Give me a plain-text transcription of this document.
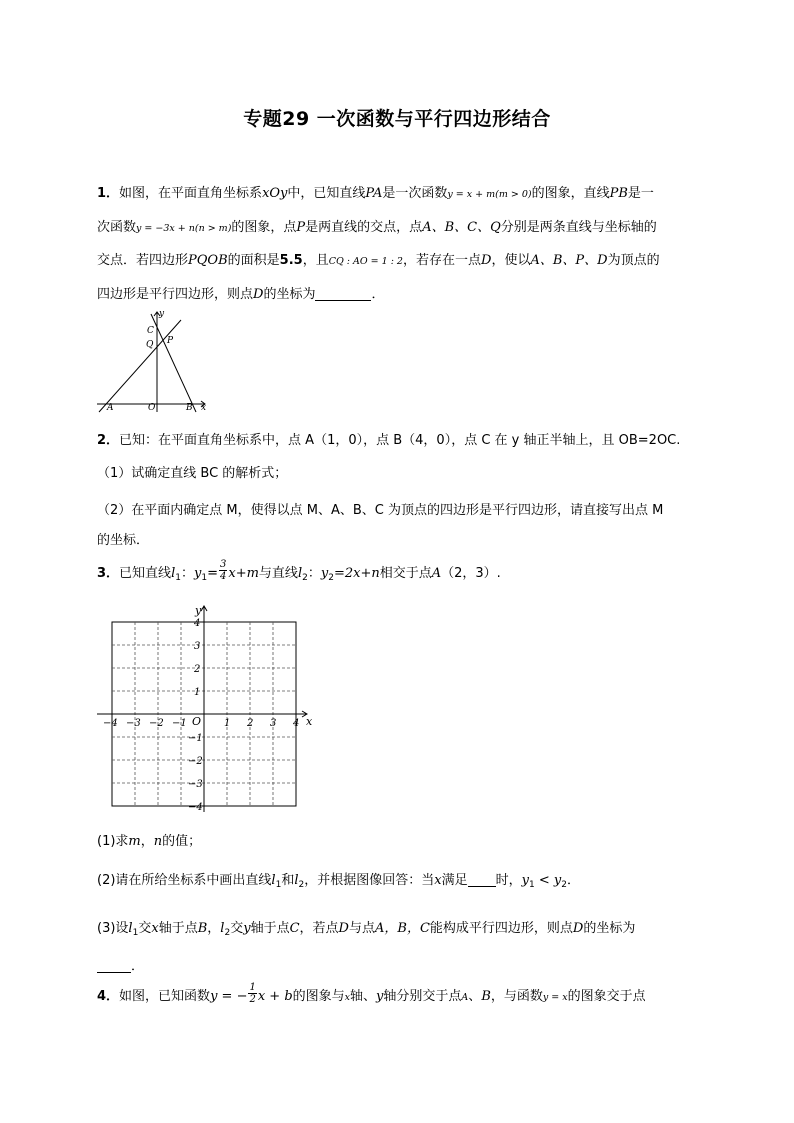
专题29 一次函数与平行四边形结合
1．如图，在平面直角坐标系xOy中，已知直线PA是一次函数y = x + m(m > 0)的图象，直线PB是一
次函数y = −3x + n(n > m)的图象，点P是两直线的交点，点A、B、C、Q分别是两条直线与坐标轴的
交点．若四边形PQOB的面积是5.5，且CQ : AO = 1 : 2，若存在一点D，使以A、B、P、D为顶点的
四边形是平行四边形，则点D的坐标为	．
y
x
C
Q P
A	O	B
2．已知：在平面直角坐标系中，点 A（1，0），点 B（4，0），点 C 在 y 轴正半轴上，且 OB=2OC.
（1）试确定直线 BC 的解析式；
（2）在平面内确定点 M，使得以点 M、A、B、C 为顶点的四边形是平行四边形，请直接写出点 M
的坐标．
3．已知直线$l_1$：$y_1= \frac{3}{4} x+m$与直线$l_2$：$y_2=2x+n$相交于点A（2，3）.
x
y
O
−4 −3 −2 −1	1 2 3 4
4
3
2
1
−1
−2
−3
−4
(1)求m，n的值；
(2)请在所给坐标系中画出直线$l_1$和$l_2$，并根据图像回答：当x满足 时，$y_1 < y_2$．
(3)设$l_1$交x轴于点B，$l_2$交y轴于点C，若点D与点A，B，C能构成平行四边形，则点D的坐标为
．
4．如图，已知函数y = − $\frac{1}{2}$ x + b的图象与x轴、y轴分别交于点A、B，与函数y = x的图象交于点
